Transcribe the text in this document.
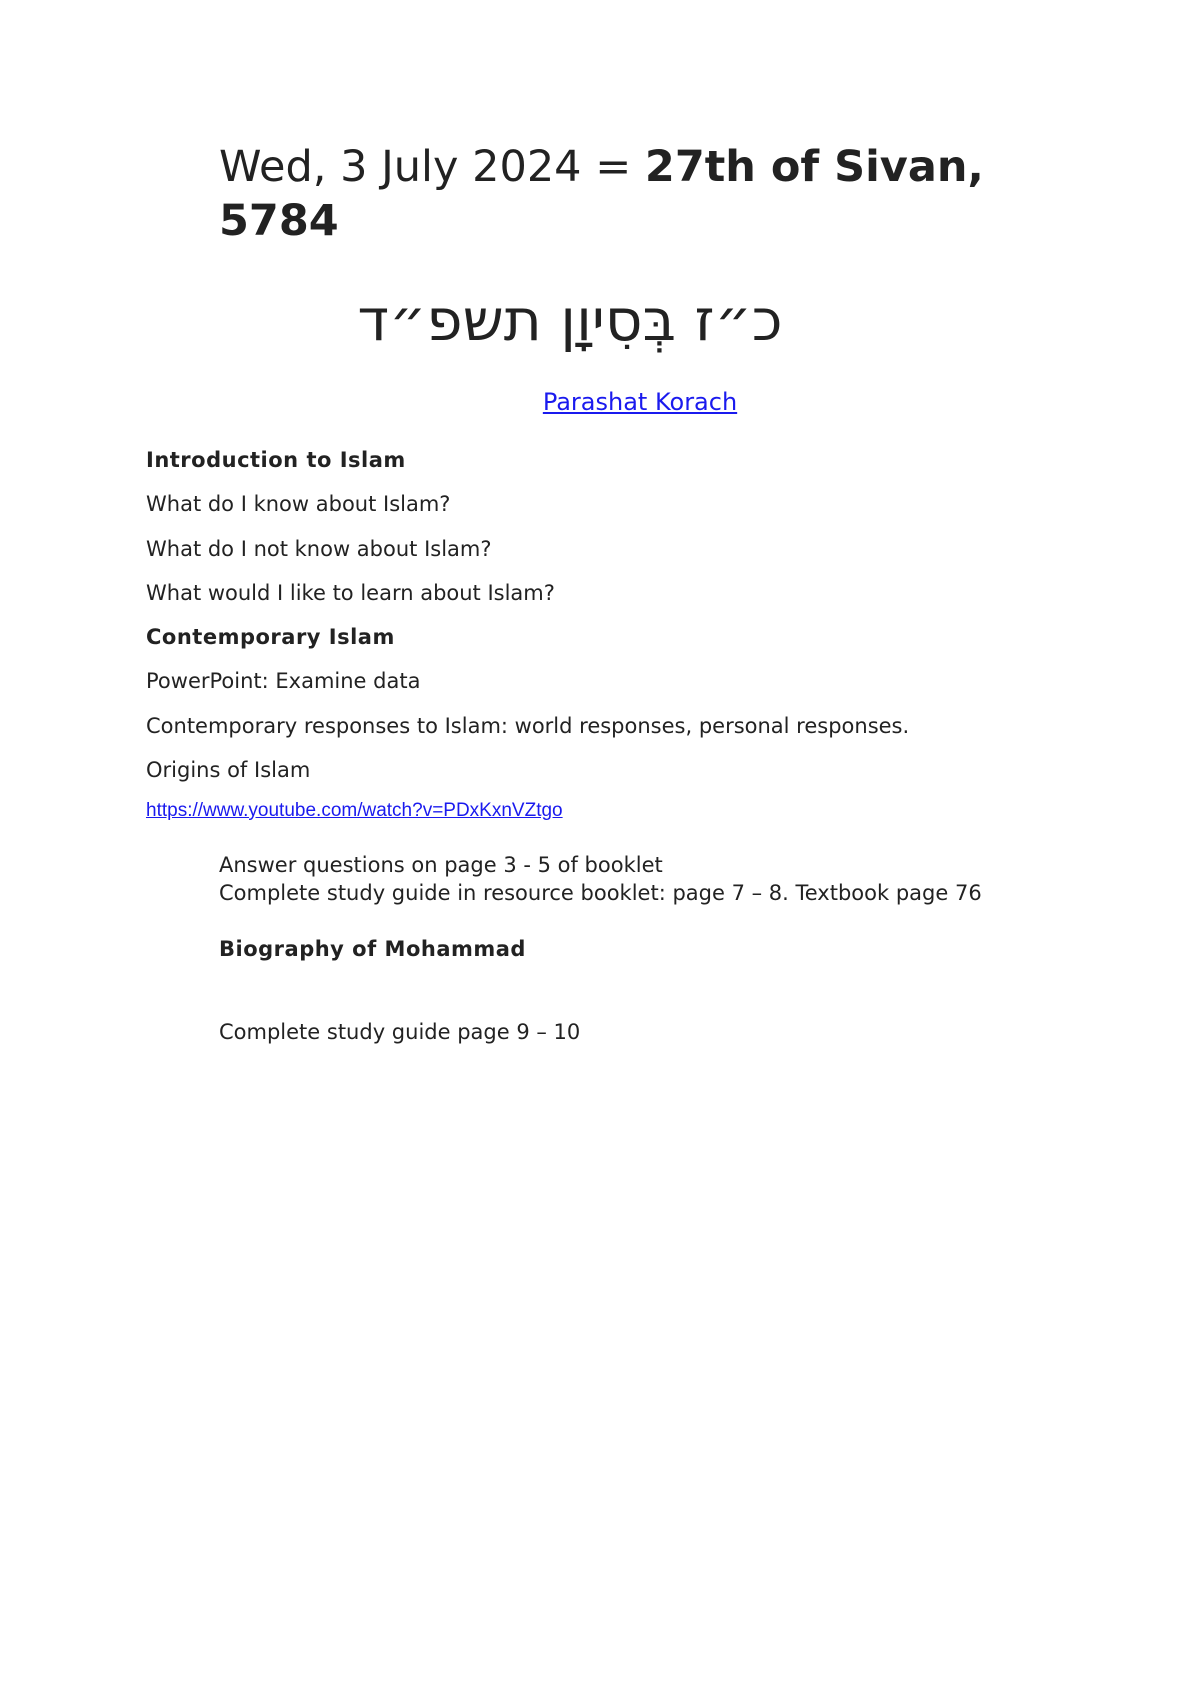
Wed, 3 July 2024 = 27th of Sivan, 5784
כ״ז בְּסִיוָן תשפ״ד
Parashat Korach
Introduction to Islam
What do I know about Islam?
What do I not know about Islam?
What would I like to learn about Islam?
Contemporary Islam
PowerPoint: Examine data
Contemporary responses to Islam: world responses, personal responses.
Origins of Islam
https://www.youtube.com/watch?v=PDxKxnVZtgo
Answer questions on page 3 - 5 of booklet
Complete study guide in resource booklet: page 7 – 8. Textbook page 76
Biography of Mohammad
Complete study guide page 9 – 10
